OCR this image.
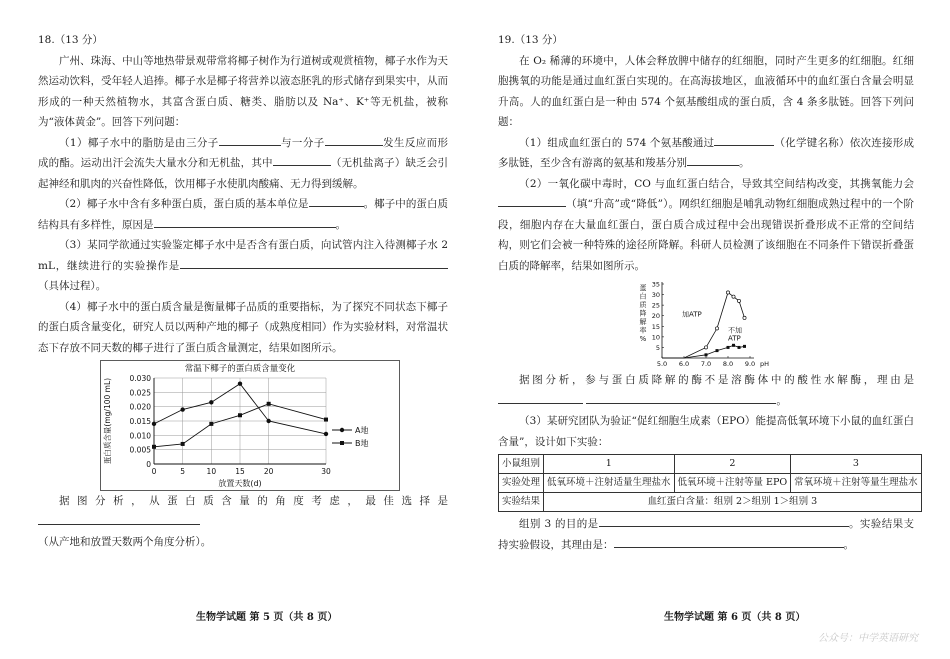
18.（13 分）

广州、珠海、中山等地热带景观带常将椰子树作为行道树或观赏植物，椰子水作为天然运动饮料，受年轻人追捧。椰子水是椰子将营养以液态胚乳的形式储存到果实中，从而形成的一种天然植物水，其富含蛋白质、糖类、脂肪以及 Na⁺、K⁺等无机盐，被称为“液体黄金”。回答下列问题：

（1）椰子水中的脂肪是由三分子	与一分子	发生反应而形成的酯。运动出汗会流失大量水分和无机盐，其中	（无机盐离子）缺乏会引起神经和肌肉的兴奋性降低，饮用椰子水使肌肉酸痛、无力得到缓解。

（2）椰子水中含有多种蛋白质，蛋白质的基本单位是	。椰子中的蛋白质结构具有多样性，原因是	。

（3）某同学欲通过实验鉴定椰子水中是否含有蛋白质，向试管内注入待测椰子水 2 mL，继续进行的实验操作是（具体过程）。

（4）椰子水中的蛋白质含量是衡量椰子品质的重要指标，为了探究不同状态下椰子的蛋白质含量变化，研究人员以两种产地的椰子（成熟度相同）作为实验材料，对常温状态下存放不同天数的椰子进行了蛋白质含量测定，结果如图所示。

常温下椰子的蛋白质含量变化
0
0.005
0.010
0.015
0.020
0.025
0.030
0	5	10	15	20	30
放置天数(d)
蛋白质含量(mg/100 mL)	A地
B地

据图分析，从蛋白质含量的角度考虑，最佳选择是

（从产地和放置天数两个角度分析）。

生物学试题 第 5 页（共 8 页）

19.（13 分）

在 O₂ 稀薄的环境中，人体会释放脾中储存的红细胞，同时产生更多的红细胞。红细胞携氧的功能是通过血红蛋白实现的。在高海拔地区，血液循环中的血红蛋白含量会明显升高。人的血红蛋白是一种由 574 个氨基酸组成的蛋白质，含 4 条多肽链。回答下列问题：

（1）组成血红蛋白的 574 个氨基酸通过	（化学键名称）依次连接形成多肽链，至少含有游离的氨基和羧基分别	。

（2）一氧化碳中毒时，CO 与血红蛋白结合，导致其空间结构改变，其携氧能力会（填“升高”或“降低”）。网织红细胞是哺乳动物红细胞成熟过程中的一个阶段，细胞内存在大量血红蛋白，蛋白质合成过程中会出现错误折叠形成不正常的空间结构，则它们会被一种特殊的途径所降解。科研人员检测了该细胞在不同条件下错误折叠蛋白质的降解率，结果如图所示。

5
10
15
20
25
30
35
5.0 6.0 7.0 8.0 9.0 pH
蛋
白
质
降
解
率
%
加ATP
不加
ATP

据图分析，参与蛋白质降解的酶不是溶酶体中的酸性水解酶，理由是 。

（3）某研究团队为验证“促红细胞生成素（EPO）能提高低氧环境下小鼠的血红蛋白含量”，设计如下实验：

小鼠组别	1	2	3
实验处理	低氧环境＋注射适量生理盐水	低氧环境＋注射等量 EPO	常氧环境＋注射等量生理盐水
实验结果	血红蛋白含量：组别 2＞组别 1＞组别 3		

组别 3 的目的是	。实验结果支持实验假设，其理由是：	。

生物学试题 第 6 页（共 8 页）
公众号：中学英语研究
